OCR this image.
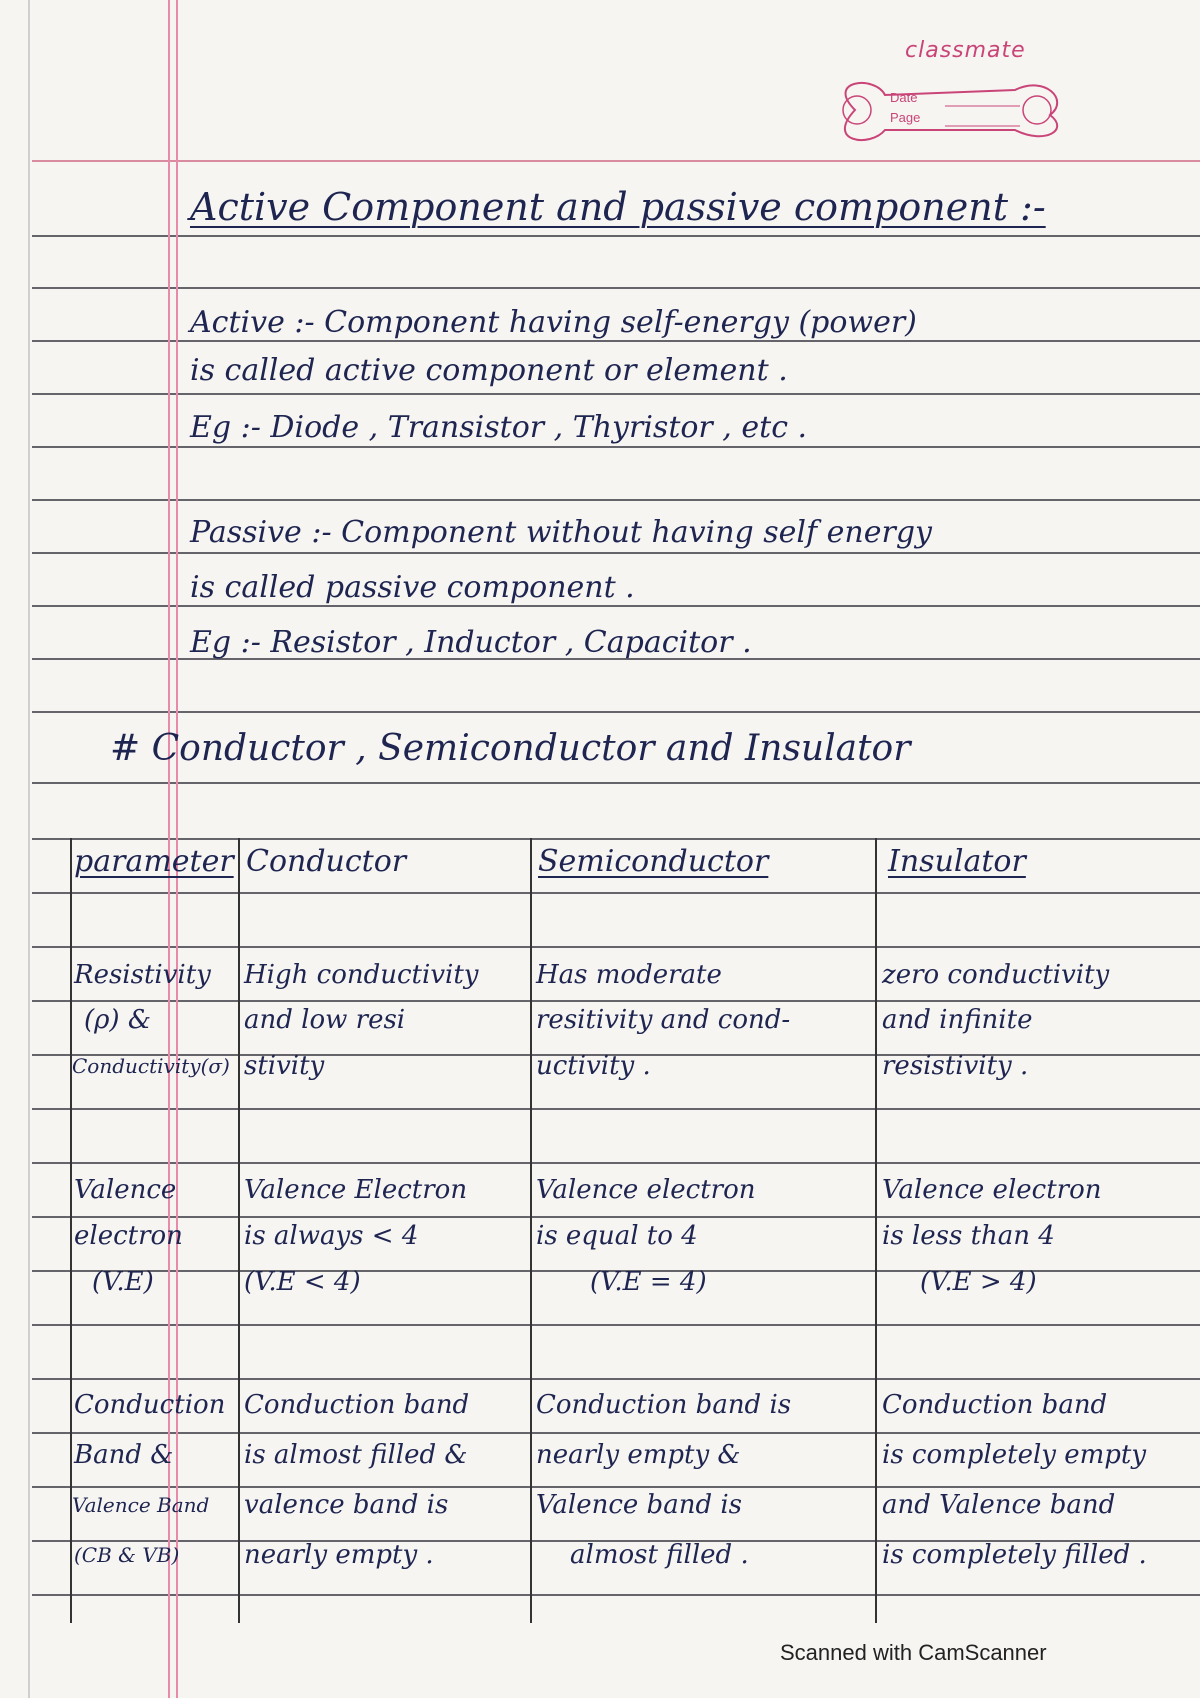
classmate
Date
Page
Active Component and passive component :-
Active :- Component having self-energy (power)
is called active component or element .
Eg :- Diode , Transistor , Thyristor , etc .
Passive :- Component without having self energy
is called passive component .
Eg :- Resistor , Inductor , Capacitor .
# Conductor , Semiconductor and Insulator
parameter Conductor	Semiconductor	Insulator
Resistivity
(ρ) &
Conductivity(σ)
High conductivity
and low resi
stivity
Has moderate
resitivity and cond-
uctivity .
zero conductivity
and infinite
resistivity .
Valence
electron
(V.E)
Valence Electron
is always < 4
(V.E < 4)
Valence electron
is equal to 4
(V.E = 4)
Valence electron
is less than 4
(V.E > 4)
Conduction
Band &
Valence Band
(CB & VB)
Conduction band
is almost filled &
valence band is
nearly empty .
Conduction band is
nearly empty &
Valence band is
almost filled .
Conduction band
is completely empty
and Valence band
is completely filled .
Scanned with CamScanner
